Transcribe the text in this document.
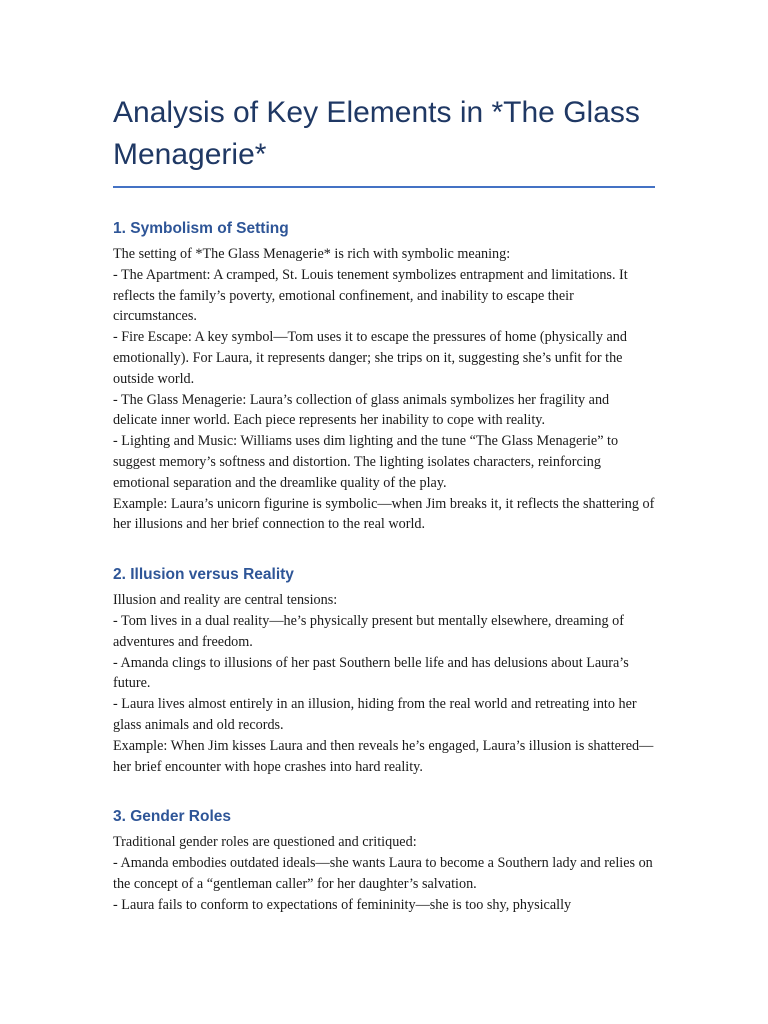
Analysis of Key Elements in *The Glass Menagerie*
1. Symbolism of Setting

The setting of *The Glass Menagerie* is rich with symbolic meaning:

- The Apartment: A cramped, St. Louis tenement symbolizes entrapment and limitations. It reflects the family’s poverty, emotional confinement, and inability to escape their circumstances.

- Fire Escape: A key symbol—Tom uses it to escape the pressures of home (physically and emotionally). For Laura, it represents danger; she trips on it, suggesting she’s unfit for the outside world.

- The Glass Menagerie: Laura’s collection of glass animals symbolizes her fragility and delicate inner world. Each piece represents her inability to cope with reality.

- Lighting and Music: Williams uses dim lighting and the tune “The Glass Menagerie” to suggest memory’s softness and distortion. The lighting isolates characters, reinforcing emotional separation and the dreamlike quality of the play.

Example: Laura’s unicorn figurine is symbolic—when Jim breaks it, it reflects the shattering of her illusions and her brief connection to the real world.

2. Illusion versus Reality

Illusion and reality are central tensions:

- Tom lives in a dual reality—he’s physically present but mentally elsewhere, dreaming of adventures and freedom.

- Amanda clings to illusions of her past Southern belle life and has delusions about Laura’s future.

- Laura lives almost entirely in an illusion, hiding from the real world and retreating into her glass animals and old records.

Example: When Jim kisses Laura and then reveals he’s engaged, Laura’s illusion is shattered—her brief encounter with hope crashes into hard reality.

3. Gender Roles

Traditional gender roles are questioned and critiqued:

- Amanda embodies outdated ideals—she wants Laura to become a Southern lady and relies on the concept of a “gentleman caller” for her daughter’s salvation.

- Laura fails to conform to expectations of femininity—she is too shy, physically
